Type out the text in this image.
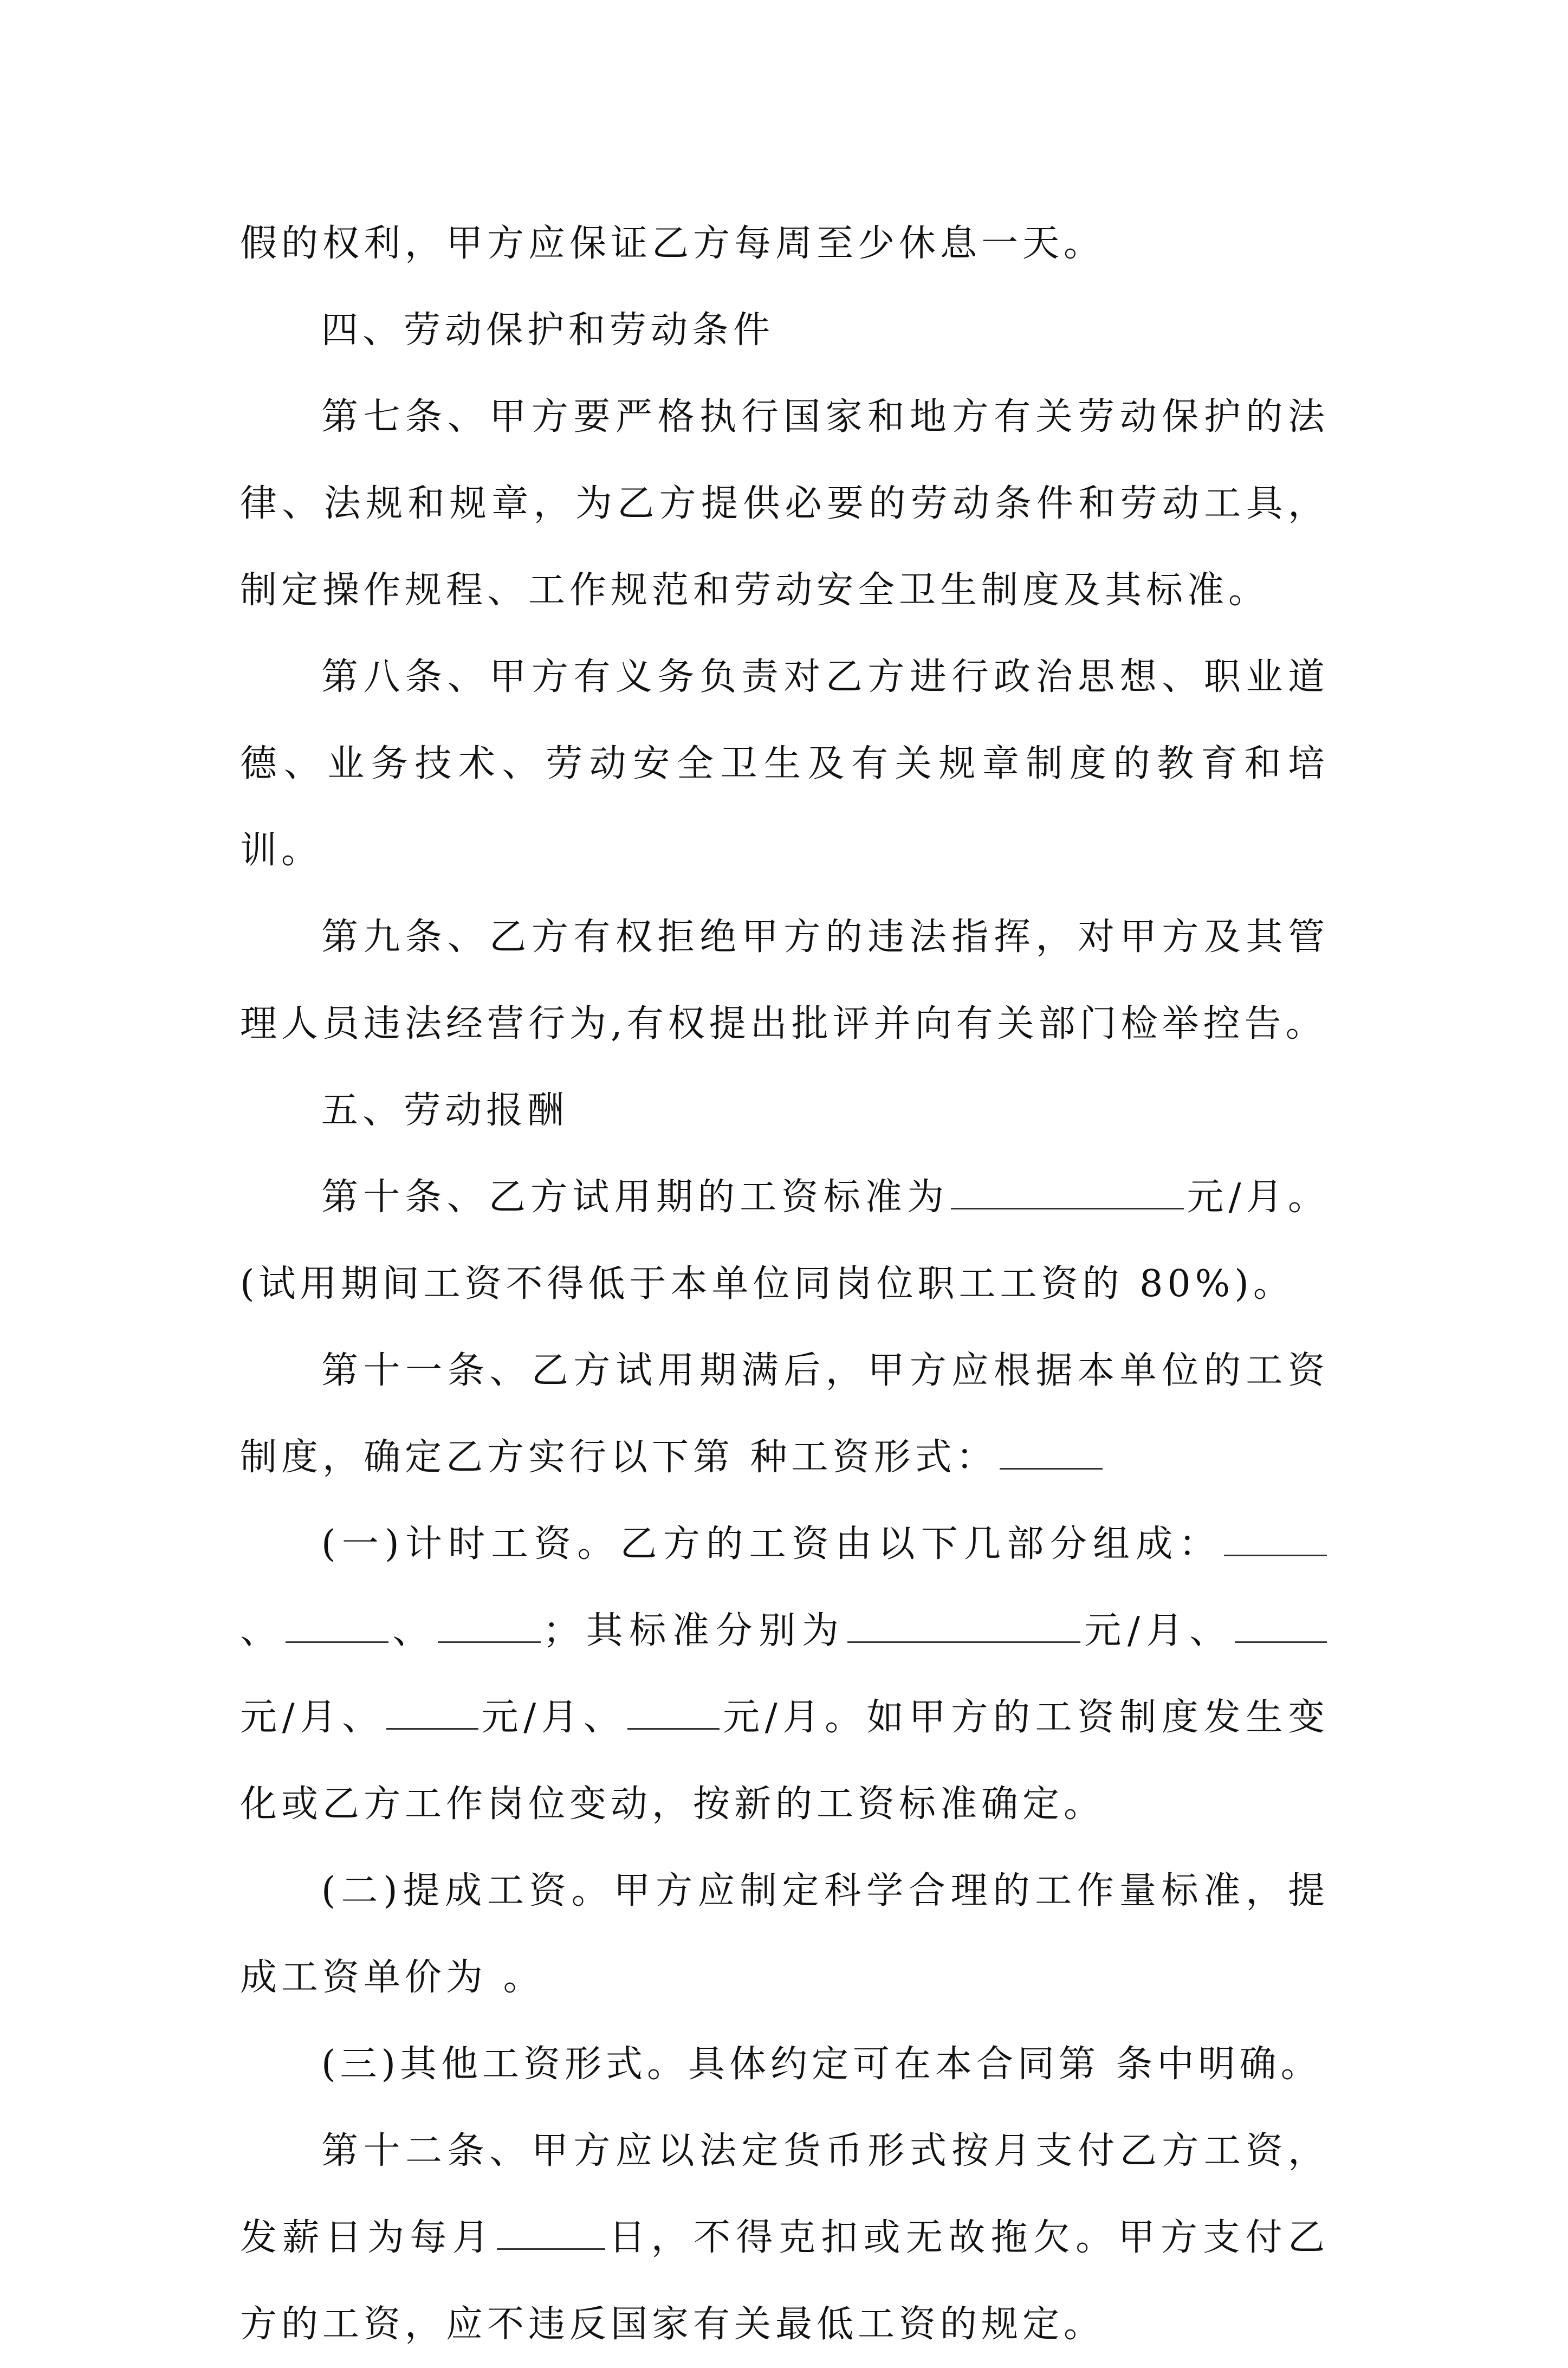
假的权利，甲方应保证乙方每周至少休息一天。

四、劳动保护和劳动条件

第七条、甲方要严格执行国家和地方有关劳动保护的法律、法规和规章，为乙方提供必要的劳动条件和劳动工具，制定操作规程、工作规范和劳动安全卫生制度及其标准。

第八条、甲方有义务负责对乙方进行政治思想、职业道德、业务技术、劳动安全卫生及有关规章制度的教育和培训。

第九条、乙方有权拒绝甲方的违法指挥，对甲方及其管理人员违法经营行为,有权提出批评并向有关部门检举控告。

五、劳动报酬

第十条、乙方试用期的工资标准为	元/月。(试用期间工资不得低于本单位同岗位职工工资的 80%)。

第十一条、乙方试用期满后，甲方应根据本单位的工资制度，确定乙方实行以下第 种工资形式：

(一)计时工资。乙方的工资由以下几部分组成：、	、	；其标准分别为	元/月、元/月、	元/月、	元/月。如甲方的工资制度发生变化或乙方工作岗位变动，按新的工资标准确定。

(二)提成工资。甲方应制定科学合理的工作量标准，提成工资单价为 。

(三)其他工资形式。具体约定可在本合同第 条中明确。

第十二条、甲方应以法定货币形式按月支付乙方工资，发薪日为每月	日，不得克扣或无故拖欠。甲方支付乙方的工资，应不违反国家有关最低工资的规定。
